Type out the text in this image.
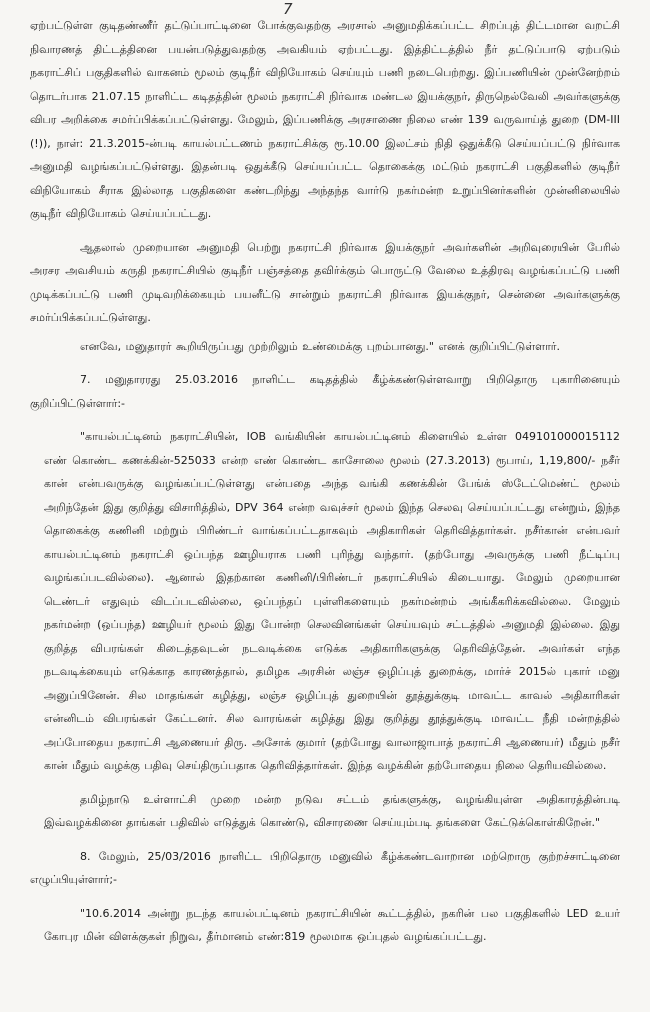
7

ஏற்பட்டுள்ள குடிதண்ணீர் தட்டுப்பாட்டினை போக்குவதற்கு அரசால் அனுமதிக்கப்பட்ட சிறப்புத் திட்டமான வறட்சி நிவாரணத் திட்டத்தினை பயன்படுத்துவதற்கு அவகியம் ஏற்பட்டது. இத்திட்டத்தில் நீர் தட்டுப்பாடு ஏற்படும் நகராட்சிப் பகுதிகளில் வாகனம் மூலம் குடிநீர் விநியோகம் செய்யும் பணி நடைபெற்றது. இப்பணியின் முன்னேற்றம் தொடர்பாக 21.07.15 நாளிட்ட கடிதத்தின் மூலம் நகராட்சி நிர்வாக மண்டல இயக்குநர், திருநெல்வேலி அவர்களுக்கு விபர அறிக்கை சமர்ப்பிக்கப்பட்டுள்ளது. மேலும், இப்பணிக்கு அரசாணை நிலை எண் 139 வருவாய்த் துறை (DM-III (!)), நாள்: 21.3.2015-ன்படி காயல்பட்டணம் நகராட்சிக்கு ரூ.10.00 இலட்சம் நிதி ஒதுக்கீடு செய்யப்பட்டு நிர்வாக அனுமதி வழங்கப்பட்டுள்ளது. இதன்படி ஒதுக்கீடு செய்யப்பட்ட தொகைக்கு மட்டும் நகராட்சி பகுதிகளில் குடிநீர் விநியோகம் சீராக இல்லாத பகுதிகளை கண்டறிந்து அந்தந்த வார்டு நகர்மன்ற உறுப்பினர்களின் முன்னிலையில் குடிநீர் விநியோகம் செய்யப்பட்டது.

ஆதலால் முறையான அனுமதி பெற்று நகராட்சி நிர்வாக இயக்குநர் அவர்களின் அறிவுரையின் பேரில் அரசர அவசியம் கருதி நகராட்சியில் குடிநீர் பஞ்சத்தை தவிர்க்கும் பொருட்டு வேலை உத்திரவு வழங்கப்பட்டு பணி முடிக்கப்பட்டு பணி முடிவறிக்கையும் பயனீட்டு சான்றும் நகராட்சி நிர்வாக இயக்குநர், சென்னை அவர்களுக்கு சமர்ப்பிக்கப்பட்டுள்ளது.

எனவே, மனுதாரர் கூறியிருப்பது முற்றிலும் உண்மைக்கு புறம்பானது." எனக் குறிப்பிட்டுள்ளார்.

7. மனுதாரரது 25.03.2016 நாளிட்ட கடிதத்தில் கீழ்க்கண்டுள்ளவாறு பிறிதொரு புகாரினையும் குறிப்பிட்டுள்ளார்:-

"காயல்பட்டினம் நகராட்சியின், IOB வங்கியின் காயல்பட்டினம் கிளையில் உள்ள 049101000015112 எண் கொண்ட கணக்கின்-525033 என்ற எண் கொண்ட காசோலை மூலம் (27.3.2013) ரூபாய், 1,19,800/- நசீர் கான் என்பவருக்கு வழங்கப்பட்டுள்ளது என்பதை அந்த வங்கி கணக்கின் பேங்க் ஸ்டேட்மெண்ட் மூலம் அறிந்தேன் இது குறித்து விசாரித்தில், DPV 364 என்ற வவுச்சர் மூலம் இந்த செலவு செய்யப்பட்டது என்றும், இந்த தொகைக்கு கணினி மற்றும் பிரிண்டர் வாங்கப்பட்டதாகவும் அதிகாரிகள் தெரிவித்தார்கள். நசீர்கான் என்பவர் காயல்பட்டினம் நகராட்சி ஒப்பந்த ஊழியராக பணி புரிந்து வந்தார். (தற்போது அவருக்கு பணி நீட்டிப்பு வழங்கப்படவில்லை). ஆனால் இதற்கான கணினி/பிரிண்டர் நகராட்சியில் கிடையாது. மேலும் முறையான டெண்டர் எதுவும் விடப்படவில்லை, ஒப்பந்தப் புள்ளிகளையும் நகர்மன்றம் அங்கீகரிக்கவில்லை. மேலும் நகர்மன்ற (ஒப்பந்த) ஊழியர் மூலம் இது போன்ற செலவினங்கள் செய்யவும் சட்டத்தில் அனுமதி இல்லை. இது குறித்த விபரங்கள் கிடைத்தவுடன் நடவடிக்கை எடுக்க அதிகாரிகளுக்கு தெரிவித்தேன். அவர்கள் எந்த நடவடிக்கையும் எடுக்காத காரணத்தால், தமிழக அரசின் லஞ்ச ஒழிப்புத் துறைக்கு, மார்ச் 2015ல் புகார் மனு அனுப்பினேன். சில மாதங்கள் கழித்து, லஞ்ச ஒழிப்புத் துறையின் தூத்துக்குடி மாவட்ட காவல் அதிகாரிகள் என்னிடம் விபரங்கள் கேட்டனர். சில வாரங்கள் கழித்து இது குறித்து தூத்துக்குடி மாவட்ட நீதி மன்றத்தில் அப்போதைய நகராட்சி ஆணையர் திரு. அசோக் குமார் (தற்போது வாலாஜாபாத் நகராட்சி ஆணையர்) மீதும் நசீர் கான் மீதும் வழக்கு பதிவு செய்திருப்பதாக தெரிவித்தார்கள். இந்த வழக்கின் தற்போதைய நிலை தெரியவில்லை.

தமிழ்நாடு உள்ளாட்சி முறை மன்ற நடுவ சட்டம் தங்களுக்கு, வழங்கியுள்ள அதிகாரத்தின்படி இவ்வழக்கினை தாங்கள் பதிவில் எடுத்துக் கொண்டு, விசாரணை செய்யும்படி தங்களை கேட்டுக்கொள்கிறேன்."

8. மேலும், 25/03/2016 நாளிட்ட பிறிதொரு மனுவில் கீழ்க்கண்டவாறான மற்றொரு குற்றச்சாட்டினை எழுப்பியுள்ளார்;-

"10.6.2014 அன்று நடந்த காயல்பட்டினம் நகராட்சியின் கூட்டத்தில், நகரின் பல பகுதிகளில் LED உயர் கோபுர மின் விளக்குகள் நிறுவ, தீர்மானம் எண்:819 மூலமாக ஒப்புதல் வழங்கப்பட்டது.
